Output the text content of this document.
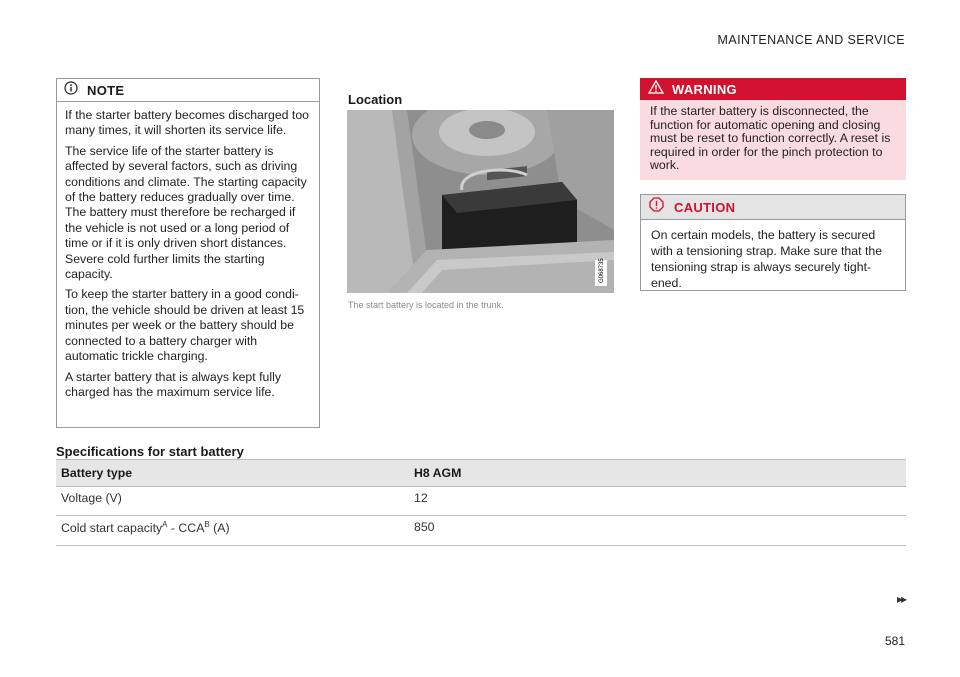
MAINTENANCE AND SERVICE
NOTE

If the starter battery becomes discharged too many times, it will shorten its service life.

The service life of the starter battery is affected by several factors, such as driving conditions and climate. The starting capacity of the battery reduces gradually over time. The battery must therefore be recharged if the vehicle is not used or a long period of time or if it is only driven short distances. Severe cold further limits the starting capacity.

To keep the starter battery in a good condi-tion, the vehicle should be driven at least 15 minutes per week or the battery should be connected to a battery charger with automatic trickle charging.

A starter battery that is always kept fully charged has the maximum service life.

Location
G068735
The start battery is located in the trunk.
WARNING
If the starter battery is disconnected, the function for automatic opening and closing must be reset to function correctly. A reset is required in order for the pinch protection to work.
CAUTION
On certain models, the battery is secured with a tensioning strap. Make sure that the tensioning strap is always securely tight-ened.
Specifications for start battery
Battery type	H8 AGM
Voltage (V)	12
Cold start capacity$^A$ - $CCA^B$ (A)	850
▸▸
581
